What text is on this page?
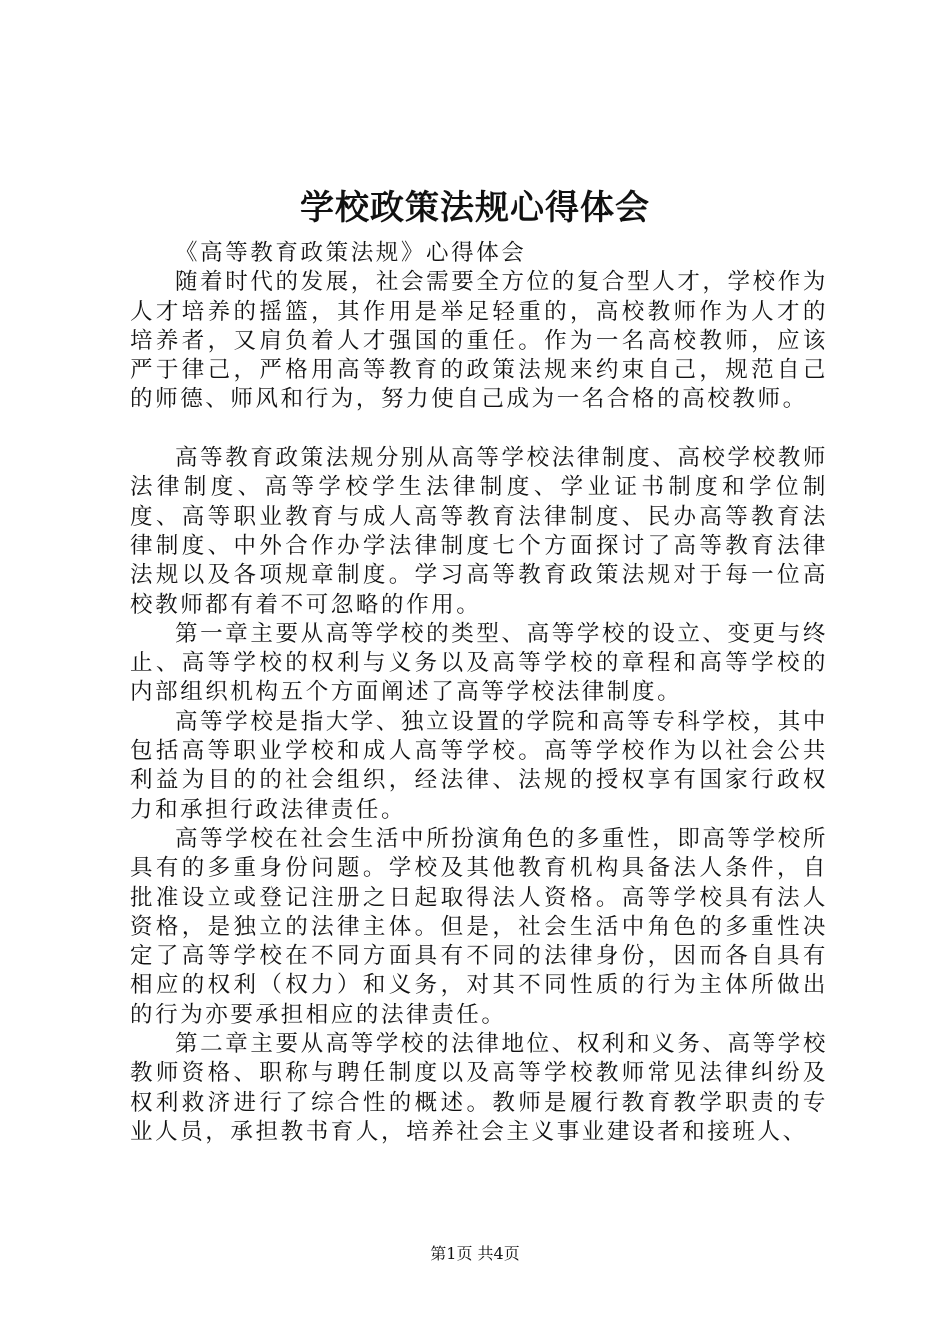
学校政策法规心得体会

《高等教育政策法规》心得体会

随着时代的发展，社会需要全方位的复合型人才，学校作为人才培养的摇篮，其作用是举足轻重的，高校教师作为人才的培养者，又肩负着人才强国的重任。作为一名高校教师，应该严于律己，严格用高等教育的政策法规来约束自己，规范自己的师德、师风和行为，努力使自己成为一名合格的高校教师。

高等教育政策法规分别从高等学校法律制度、高校学校教师法律制度、高等学校学生法律制度、学业证书制度和学位制度、高等职业教育与成人高等教育法律制度、民办高等教育法律制度、中外合作办学法律制度七个方面探讨了高等教育法律法规以及各项规章制度。学习高等教育政策法规对于每一位高校教师都有着不可忽略的作用。

第一章主要从高等学校的类型、高等学校的设立、变更与终止、高等学校的权利与义务以及高等学校的章程和高等学校的内部组织机构五个方面阐述了高等学校法律制度。

高等学校是指大学、独立设置的学院和高等专科学校，其中包括高等职业学校和成人高等学校。高等学校作为以社会公共利益为目的的社会组织，经法律、法规的授权享有国家行政权力和承担行政法律责任。

高等学校在社会生活中所扮演角色的多重性，即高等学校所具有的多重身份问题。学校及其他教育机构具备法人条件，自批准设立或登记注册之日起取得法人资格。高等学校具有法人资格，是独立的法律主体。但是，社会生活中角色的多重性决定了高等学校在不同方面具有不同的法律身份，因而各自具有相应的权利（权力）和义务，对其不同性质的行为主体所做出的行为亦要承担相应的法律责任。

第二章主要从高等学校的法律地位、权利和义务、高等学校教师资格、职称与聘任制度以及高等学校教师常见法律纠纷及权利救济进行了综合性的概述。教师是履行教育教学职责的专业人员，承担教书育人，培养社会主义事业建设者和接班人、

第1页 共4页
